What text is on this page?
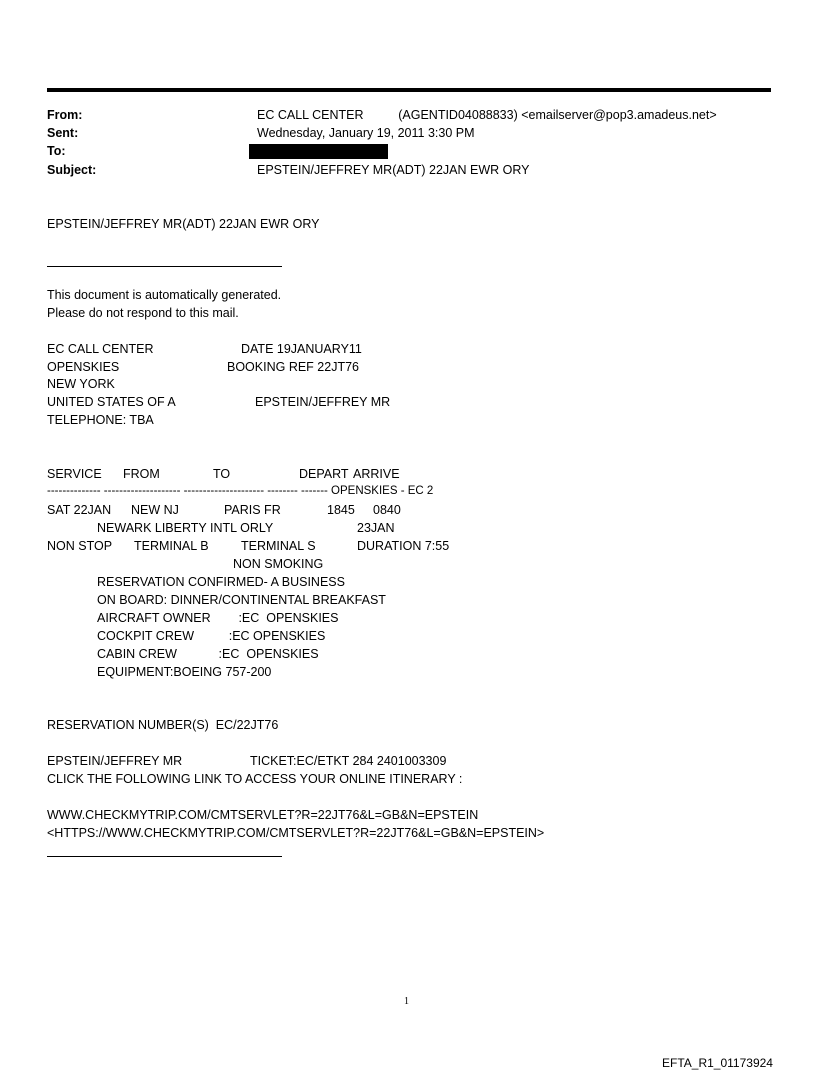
From:	EC CALL CENTER          (AGENTID04088833) <emailserver@pop3.amadeus.net>
Sent:	Wednesday, January 19, 2011 3:30 PM
To:
Subject:	EPSTEIN/JEFFREY MR(ADT) 22JAN EWR ORY
EPSTEIN/JEFFREY MR(ADT) 22JAN EWR ORY
This document is automatically generated.
Please do not respond to this mail.
EC CALL CENTER	DATE 19JANUARY11
OPENSKIES	BOOKING REF 22JT76
NEW YORK
UNITED STATES OF A	EPSTEIN/JEFFREY MR
TELEPHONE: TBA
SERVICE FROM	TO	DEPART ARRIVE
-------------- -------------------- --------------------- -------- ------- OPENSKIES - EC 2
SAT 22JAN NEW NJ	PARIS FR	1845 0840
NEWARK LIBERTY INTL ORLY	23JAN
NON STOP TERMINAL B	TERMINAL S	DURATION 7:55
NON SMOKING
RESERVATION CONFIRMED- A BUSINESS
ON BOARD: DINNER/CONTINENTAL BREAKFAST
AIRCRAFT OWNER        :EC  OPENSKIES
COCKPIT CREW          :EC OPENSKIES
CABIN CREW            :EC  OPENSKIES
EQUIPMENT:BOEING 757-200
RESERVATION NUMBER(S)  EC/22JT76
EPSTEIN/JEFFREY MR	TICKET:EC/ETKT 284 2401003309
CLICK THE FOLLOWING LINK TO ACCESS YOUR ONLINE ITINERARY :
WWW.CHECKMYTRIP.COM/CMTSERVLET?R=22JT76&L=GB&N=EPSTEIN
<HTTPS://WWW.CHECKMYTRIP.COM/CMTSERVLET?R=22JT76&L=GB&N=EPSTEIN>
1
EFTA_R1_01173924
